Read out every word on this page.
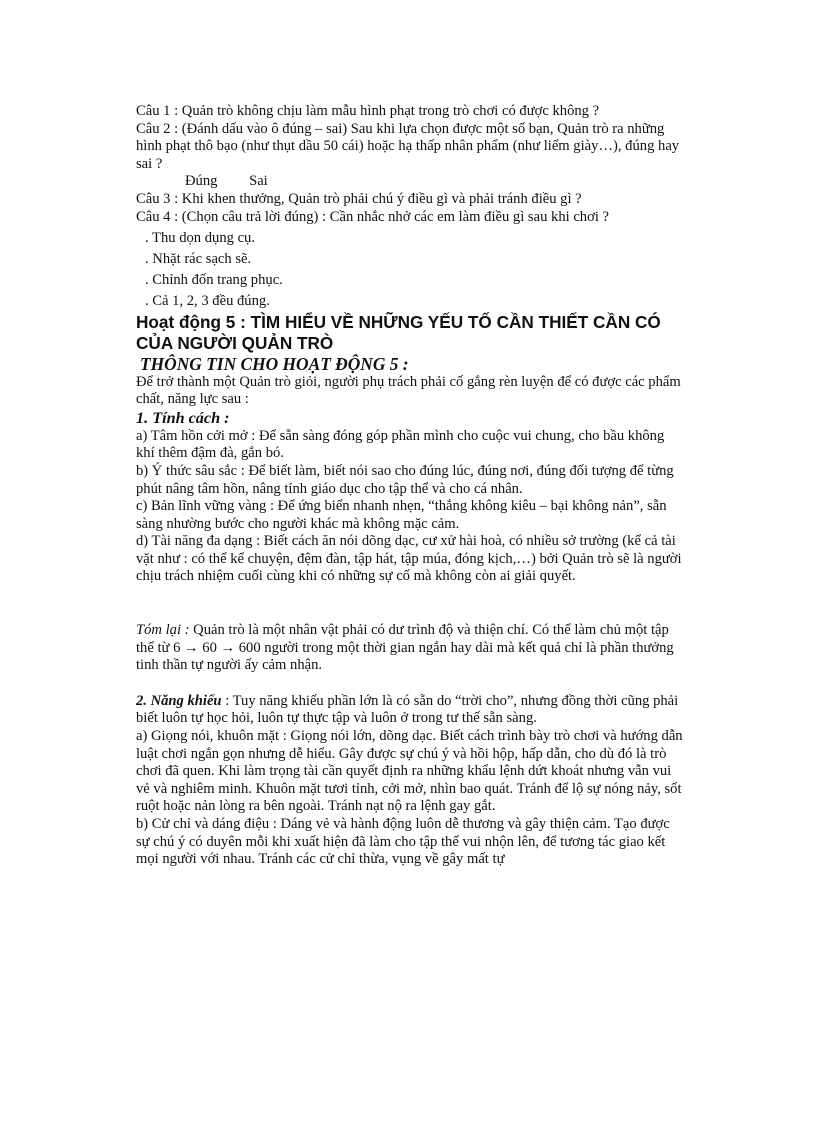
Câu 1 : Quản trò không chịu làm mẫu hình phạt trong trò chơi có được không ?

Câu 2 : (Đánh dấu vào ô đúng – sai) Sau khi lựa chọn được một số bạn, Quản trò ra những hình phạt thô bạo (như thụt dầu 50 cái) hoặc hạ thấp nhân phẩm (như liếm giày…), đúng hay sai ?

Đúng Sai

Câu 3 : Khi khen thưởng, Quản trò phải chú ý điều gì và phải tránh điều gì ?

Câu 4 : (Chọn câu trả lời đúng) : Cần nhắc nhở các em làm điều gì sau khi chơi ?

. Thu dọn dụng cụ.

. Nhặt rác sạch sẽ.

. Chỉnh đốn trang phục.

. Cả 1, 2, 3 đều đúng.

Hoạt động 5 : TÌM HIỂU VỀ NHỮNG YẾU TỐ CẦN THIẾT CẦN CÓ CỦA NGƯỜI QUẢN TRÒ

THÔNG TIN CHO HOẠT ĐỘNG 5 :

Để trở thành một Quản trò giỏi, người phụ trách phải cố gắng rèn luyện để có được các phẩm chất, năng lực sau :

1. Tính cách :

a) Tâm hồn cởi mở : Để sẵn sàng đóng góp phần mình cho cuộc vui chung, cho bầu không khí thêm đậm đà, gắn bó.

b) Ý thức sâu sắc : Để biết làm, biết nói sao cho đúng lúc, đúng nơi, đúng đối tượng để từng phút nâng tâm hồn, nâng tính giáo dục cho tập thể và cho cá nhân.

c) Bản lĩnh vững vàng : Để ứng biến nhanh nhẹn, “thắng không kiêu – bại không nản”, sẵn sàng nhường bước cho người khác mà không mặc cảm.

d) Tài năng đa dạng : Biết cách ăn nói dõng dạc, cư xử hài hoà, có nhiều sở trường (kể cả tài vặt như : có thể kể chuyện, đệm đàn, tập hát, tập múa, đóng kịch,…) bởi Quản trò sẽ là người chịu trách nhiệm cuối cùng khi có những sự cố mà không còn ai giải quyết.

Tóm lại : Quản trò là một nhân vật phải có dư trình độ và thiện chí. Có thể làm chủ một tập thể từ 6 → 60 → 600 người trong một thời gian ngắn hay dài mà kết quả chỉ là phần thưởng tinh thần tự người ấy cảm nhận.

2. Năng khiếu : Tuy năng khiếu phần lớn là có sẵn do “trời cho”, nhưng đồng thời cũng phải biết luôn tự học hỏi, luôn tự thực tập và luôn ở trong tư thế sẵn sàng.

a) Giọng nói, khuôn mặt : Giọng nói lớn, dõng dạc. Biết cách trình bày trò chơi và hướng dẫn luật chơi ngắn gọn nhưng dễ hiểu. Gây được sự chú ý và hồi hộp, hấp dẫn, cho dù đó là trò chơi đã quen. Khi làm trọng tài cần quyết định ra những khẩu lệnh dứt khoát nhưng vẫn vui vẻ và nghiêm minh. Khuôn mặt tươi tỉnh, cởi mở, nhìn bao quát. Tránh để lộ sự nóng nảy, sốt ruột hoặc nản lòng ra bên ngoài. Tránh nạt nộ ra lệnh gay gắt.

b) Cử chỉ và dáng điệu : Dáng vẻ và hành động luôn dễ thương và gây thiện cảm. Tạo được sự chú ý có duyên mỗi khi xuất hiện đã làm cho tập thể vui nhộn lên, để tương tác giao kết mọi người với nhau. Tránh các cử chỉ thừa, vụng về gây mất tự
